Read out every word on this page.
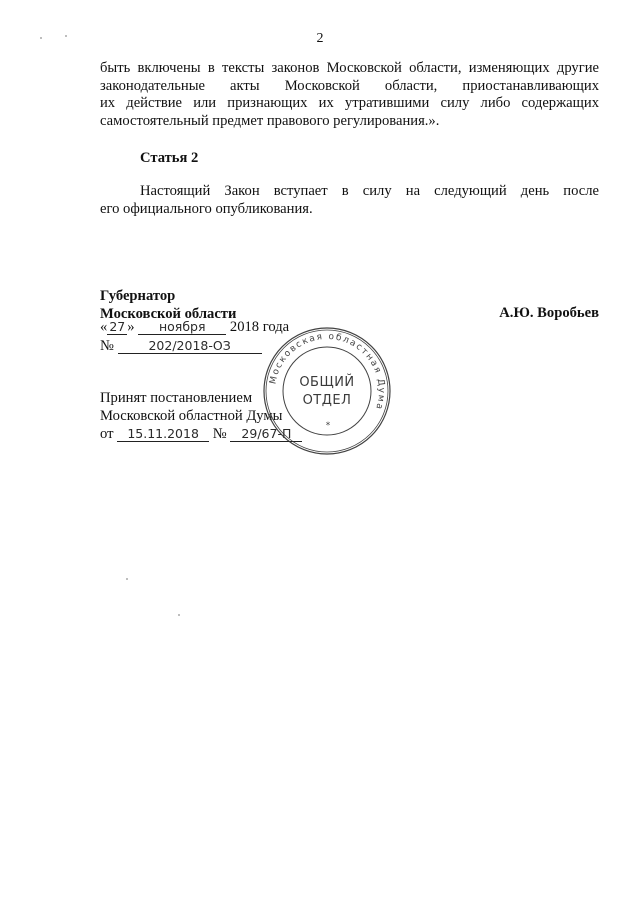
2
быть включены в тексты законов Московской области, изменяющих другие
законодательные акты Московской области, приостанавливающих
их действие или признающих их утратившими силу либо содержащих
самостоятельный предмет правового регулирования.».
Статья 2
Настоящий Закон вступает в силу на следующий день после
его официального опубликования.
Губернатор
Московской области	А.Ю. Воробьев
« 27 » ноября 2018 года
№	202/2018-ОЗ
Принят постановлением
Московской областной Думы
от 15.11.2018 № 29/67-П
Московская областная Дума
*
ОБЩИЙ
ОТДЕЛ
